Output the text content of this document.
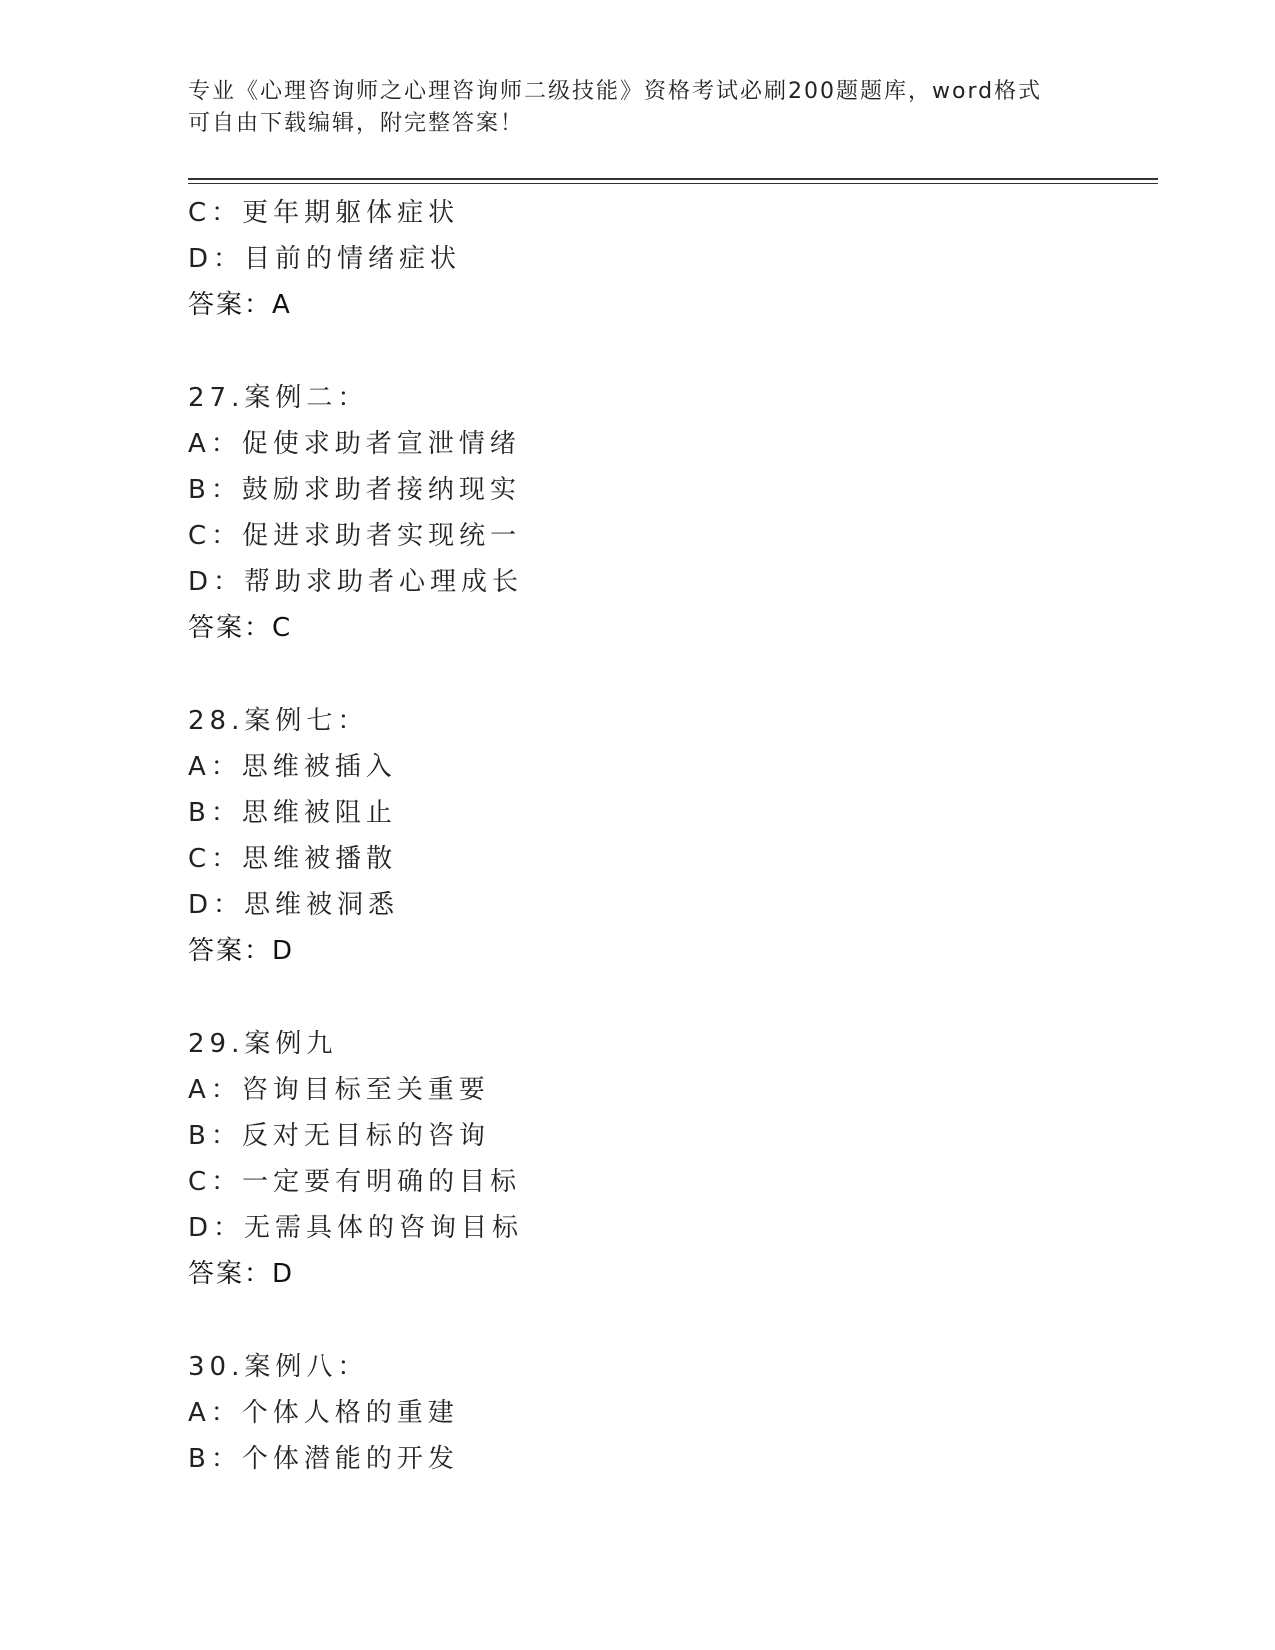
专业《心理咨询师之心理咨询师二级技能》资格考试必刷200题题库，word格式
可自由下载编辑，附完整答案！
C：更年期躯体症状
D：目前的情绪症状
答案：A
27.案例二：
A：促使求助者宣泄情绪
B：鼓励求助者接纳现实
C：促进求助者实现统一
D：帮助求助者心理成长
答案：C
28.案例七：
A：思维被插入
B：思维被阻止
C：思维被播散
D：思维被洞悉
答案：D
29.案例九
A：咨询目标至关重要
B：反对无目标的咨询
C：一定要有明确的目标
D：无需具体的咨询目标
答案：D
30.案例八：
A：个体人格的重建
B：个体潜能的开发
